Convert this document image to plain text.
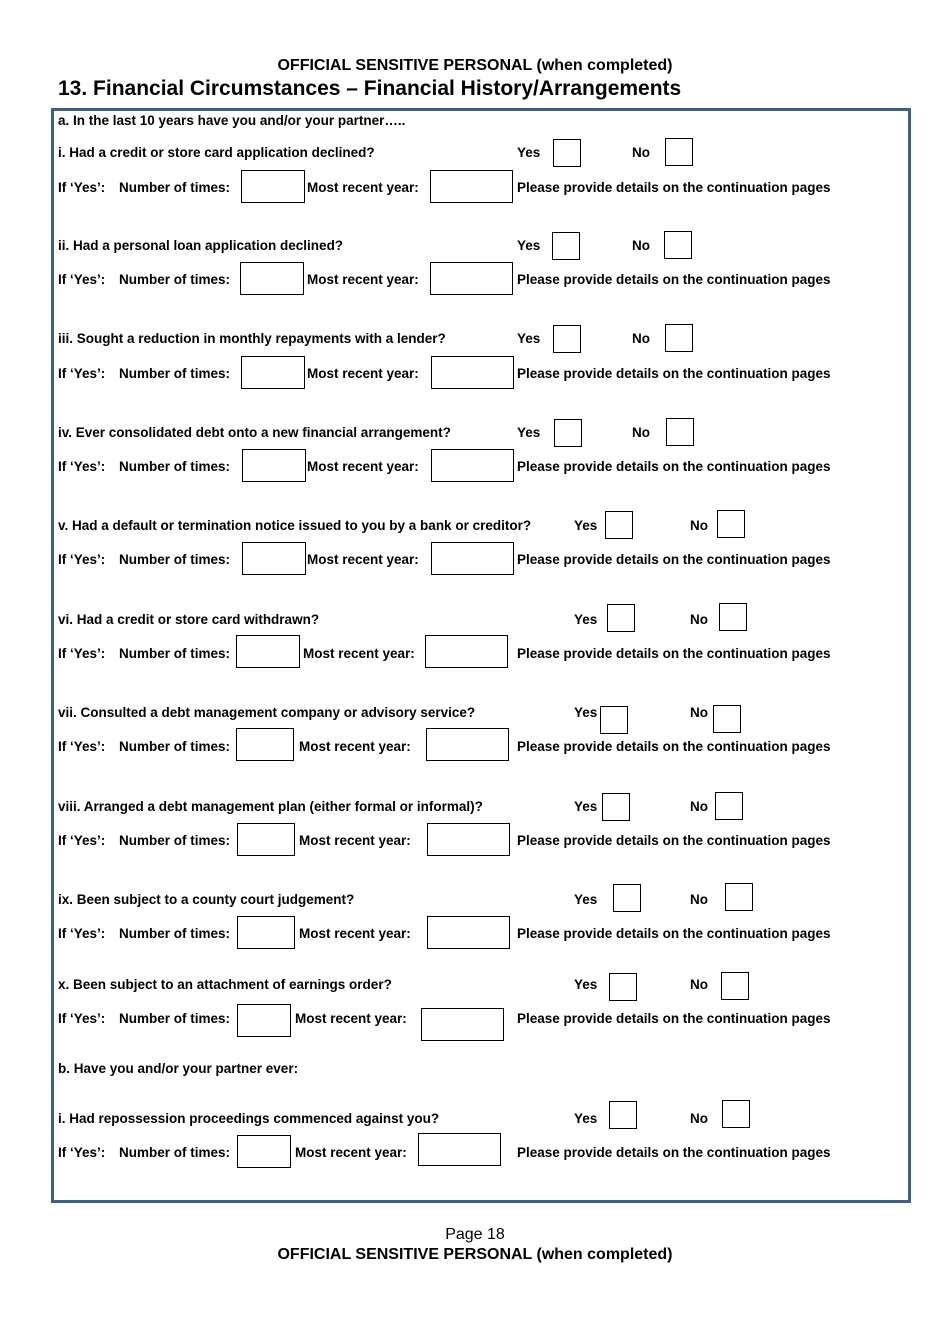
OFFICIAL SENSITIVE PERSONAL (when completed)
13. Financial Circumstances – Financial History/Arrangements
a. In the last 10 years have you and/or your partner…..
i. Had a credit or store card application declined?	Yes	No
If ‘Yes’: Number of times:	Most recent year:	Please provide details on the continuation pages
ii. Had a personal loan application declined?	Yes	No
If ‘Yes’: Number of times:	Most recent year:	Please provide details on the continuation pages
iii. Sought a reduction in monthly repayments with a lender?	Yes	No
If ‘Yes’: Number of times:	Most recent year:	Please provide details on the continuation pages
iv. Ever consolidated debt onto a new financial arrangement?	Yes	No
If ‘Yes’: Number of times:	Most recent year:	Please provide details on the continuation pages
v. Had a default or termination notice issued to you by a bank or creditor?	Yes	No
If ‘Yes’: Number of times:	Most recent year:	Please provide details on the continuation pages
vi. Had a credit or store card withdrawn?	Yes	No
If ‘Yes’: Number of times:	Most recent year:	Please provide details on the continuation pages
vii. Consulted a debt management company or advisory service?	Yes	No
If ‘Yes’: Number of times:	Most recent year:	Please provide details on the continuation pages
viii. Arranged a debt management plan (either formal or informal)?	Yes	No
If ‘Yes’: Number of times:	Most recent year:	Please provide details on the continuation pages
ix. Been subject to a county court judgement?	Yes	No
If ‘Yes’: Number of times:	Most recent year:	Please provide details on the continuation pages
x. Been subject to an attachment of earnings order?	Yes	No
If ‘Yes’: Number of times:	Most recent year:	Please provide details on the continuation pages
i. Had repossession proceedings commenced against you?	Yes	No
If ‘Yes’: Number of times:	Most recent year:	Please provide details on the continuation pages
b. Have you and/or your partner ever:
Page 18
OFFICIAL SENSITIVE PERSONAL (when completed)
